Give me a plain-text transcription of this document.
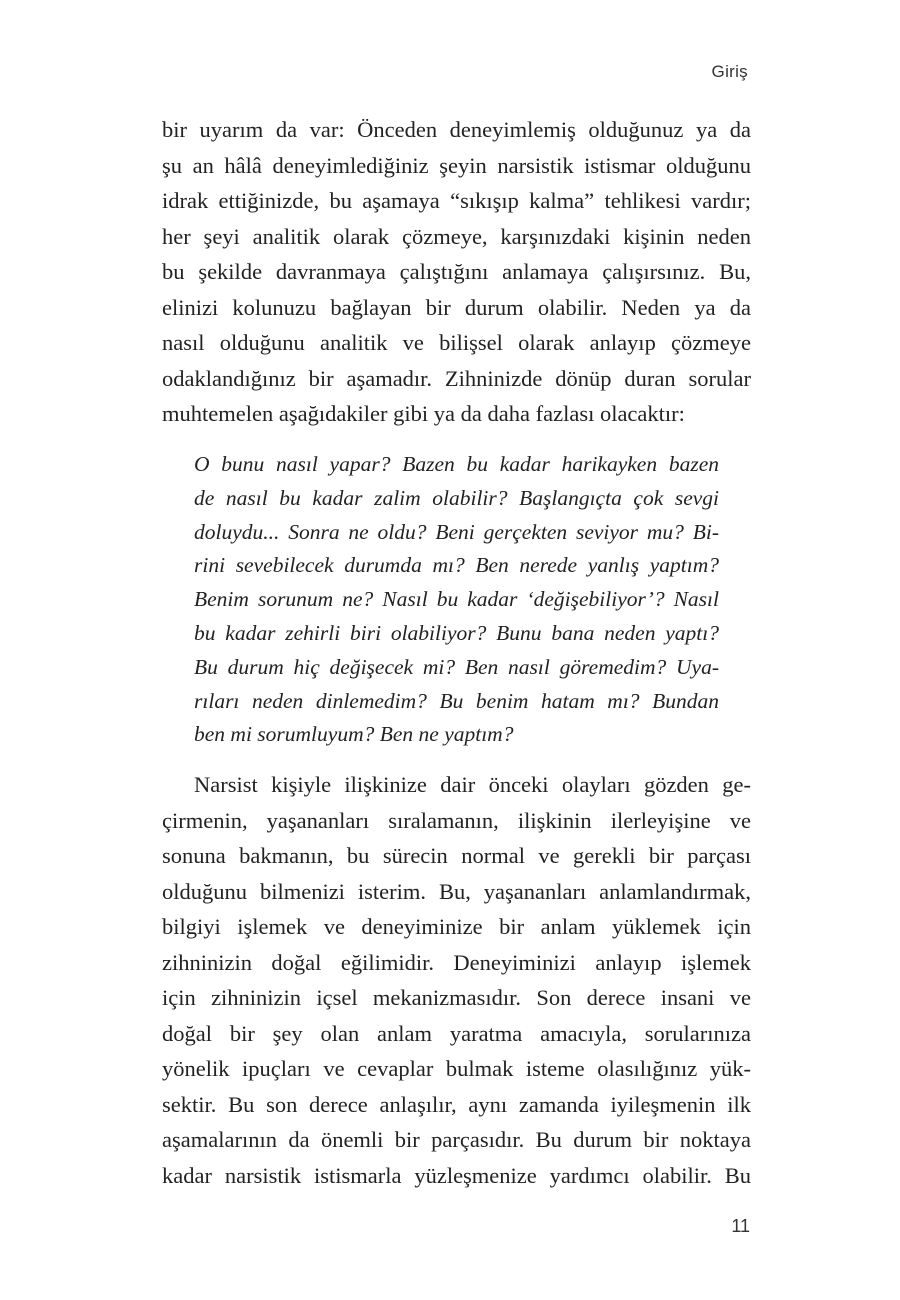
Giriş

bir uyarım da var: Önceden deneyimlemiş olduğunuz ya da
şu an hâlâ deneyimlediğiniz şeyin narsistik istismar olduğunu
idrak ettiğinizde, bu aşamaya “sıkışıp kalma” tehlikesi vardır;
her şeyi analitik olarak çözmeye, karşınızdaki kişinin neden
bu şekilde davranmaya çalıştığını anlamaya çalışırsınız. Bu,
elinizi kolunuzu bağlayan bir durum olabilir. Neden ya da
nasıl olduğunu analitik ve bilişsel olarak anlayıp çözmeye
odaklandığınız bir aşamadır. Zihninizde dönüp duran sorular
muhtemelen aşağıdakiler gibi ya da daha fazlası olacaktır:

O bunu nasıl yapar? Bazen bu kadar harikayken bazen
de nasıl bu kadar zalim olabilir? Başlangıçta çok sevgi
doluydu... Sonra ne oldu? Beni gerçekten seviyor mu? Bi-
rini sevebilecek durumda mı? Ben nerede yanlış yaptım?
Benim sorunum ne? Nasıl bu kadar ‘değişebiliyor’? Nasıl
bu kadar zehirli biri olabiliyor? Bunu bana neden yaptı?
Bu durum hiç değişecek mi? Ben nasıl göremedim? Uya-
rıları neden dinlemedim? Bu benim hatam mı? Bundan
ben mi sorumluyum? Ben ne yaptım?

Narsist kişiyle ilişkinize dair önceki olayları gözden ge-
çirmenin, yaşananları sıralamanın, ilişkinin ilerleyişine ve
sonuna bakmanın, bu sürecin normal ve gerekli bir parçası
olduğunu bilmenizi isterim. Bu, yaşananları anlamlandırmak,
bilgiyi işlemek ve deneyiminize bir anlam yüklemek için
zihninizin doğal eğilimidir. Deneyiminizi anlayıp işlemek
için zihninizin içsel mekanizmasıdır. Son derece insani ve
doğal bir şey olan anlam yaratma amacıyla, sorularınıza
yönelik ipuçları ve cevaplar bulmak isteme olasılığınız yük-
sektir. Bu son derece anlaşılır, aynı zamanda iyileşmenin ilk
aşamalarının da önemli bir parçasıdır. Bu durum bir noktaya
kadar narsistik istismarla yüzleşmenize yardımcı olabilir. Bu

11
